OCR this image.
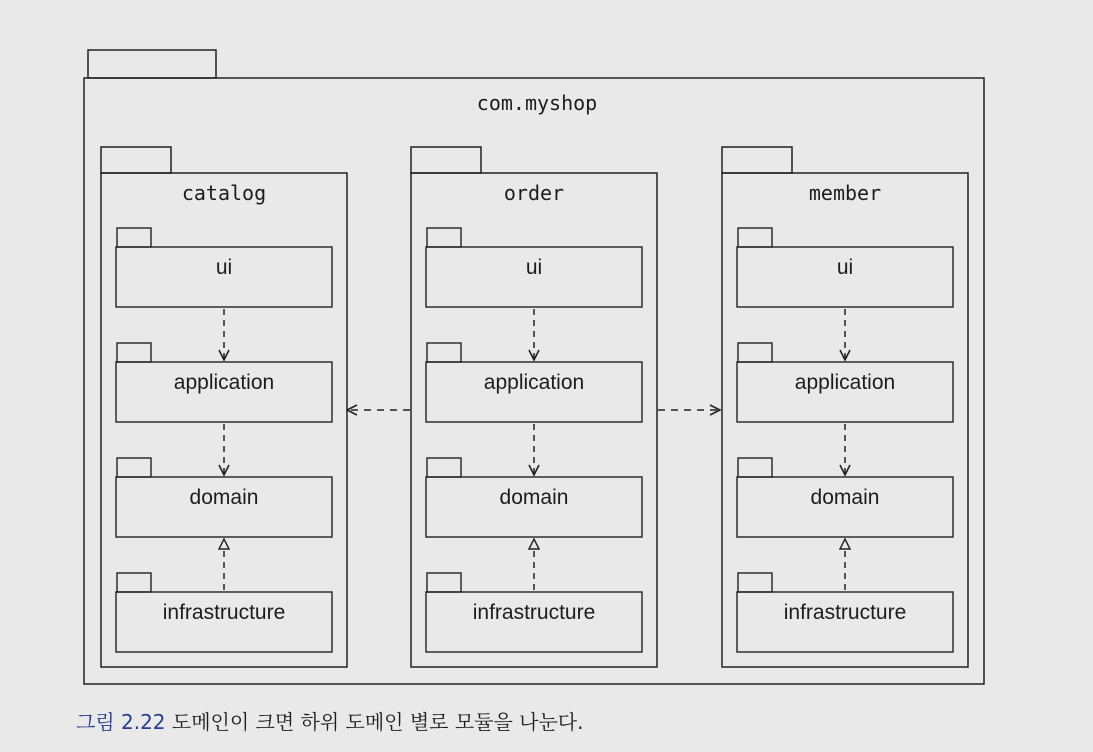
com.myshop
catalog
ui
application
domain
infrastructure
order
ui
application
domain
infrastructure
member
ui
application
domain
infrastructure
그림 2.22 도메인이 크면 하위 도메인 별로 모듈을 나눈다.
